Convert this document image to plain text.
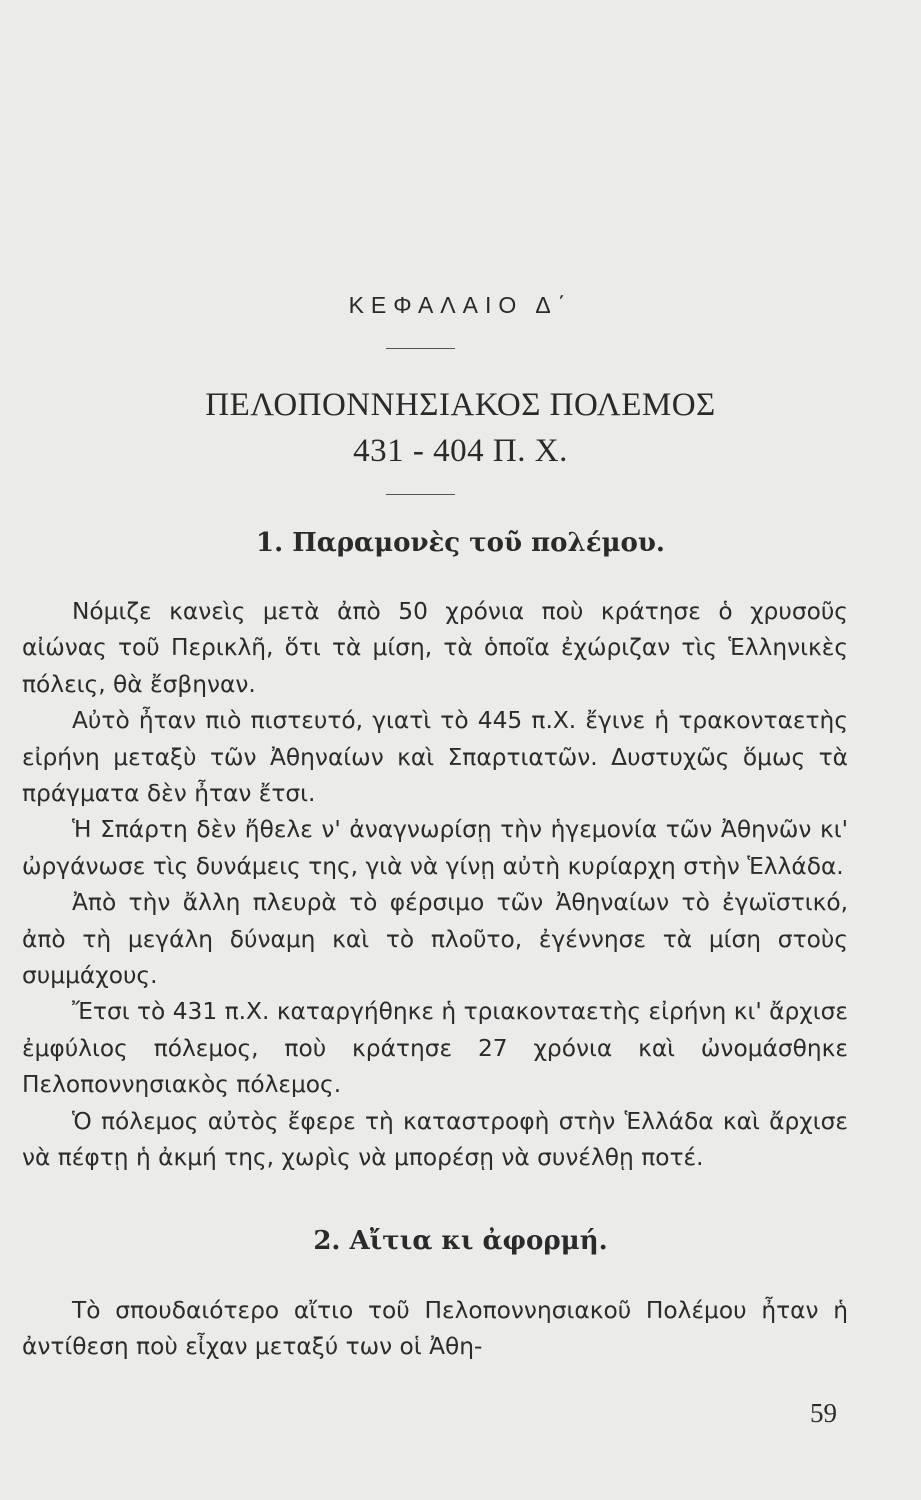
ΚΕΦΑΛΑΙΟ Δ΄
ΠΕΛΟΠΟΝΝΗΣΙΑΚΟΣ ΠΟΛΕΜΟΣ
431 - 404 Π. Χ.
1. Παραμονὲς τοῦ πολέμου.

Νόμιζε κανεὶς μετὰ ἀπὸ 50 χρόνια ποὺ κράτησε ὁ χρυσοῦς αἰώνας τοῦ Περικλῆ, ὅτι τὰ μίση, τὰ ὁποῖα ἐχώριζαν τὶς Ἑλληνικὲς πόλεις, θὰ ἔσβηναν.

Αὐτὸ ἦταν πιὸ πιστευτό, γιατὶ τὸ 445 π.Χ. ἔγινε ἡ τρακονταετὴς εἰρήνη μεταξὺ τῶν Ἀθηναίων καὶ Σπαρτιατῶν. Δυστυχῶς ὅμως τὰ πράγματα δὲν ἦταν ἔτσι.

Ἡ Σπάρτη δὲν ἤθελε ν' ἀναγνωρίσῃ τὴν ἡγεμονία τῶν Ἀθηνῶν κι' ὠργάνωσε τὶς δυνάμεις της, γιὰ νὰ γίνῃ αὐτὴ κυρίαρχη στὴν Ἑλλάδα.

Ἀπὸ τὴν ἄλλη πλευρὰ τὸ φέρσιμο τῶν Ἀθηναίων τὸ ἐγωϊστικό, ἀπὸ τὴ μεγάλη δύναμη καὶ τὸ πλοῦτο, ἐγέννησε τὰ μίση στοὺς συμμάχους.

Ἔτσι τὸ 431 π.Χ. καταργήθηκε ἡ τριακονταετὴς εἰρήνη κι' ἄρχισε ἐμφύλιος πόλεμος, ποὺ κράτησε 27 χρόνια καὶ ὠνομάσθηκε Πελοποννησιακὸς πόλεμος.

Ὁ πόλεμος αὐτὸς ἔφερε τὴ καταστροφὴ στὴν Ἑλλάδα καὶ ἄρχισε νὰ πέφτῃ ἡ ἀκμή της, χωρὶς νὰ μπορέσῃ νὰ συνέλθῃ ποτέ.

2. Αἴτια κι ἀφορμή.

Τὸ σπουδαιότερο αἴτιο τοῦ Πελοποννησιακοῦ Πολέμου ἦταν ἡ ἀντίθεση ποὺ εἶχαν μεταξύ των οἱ Ἀθη-

59
